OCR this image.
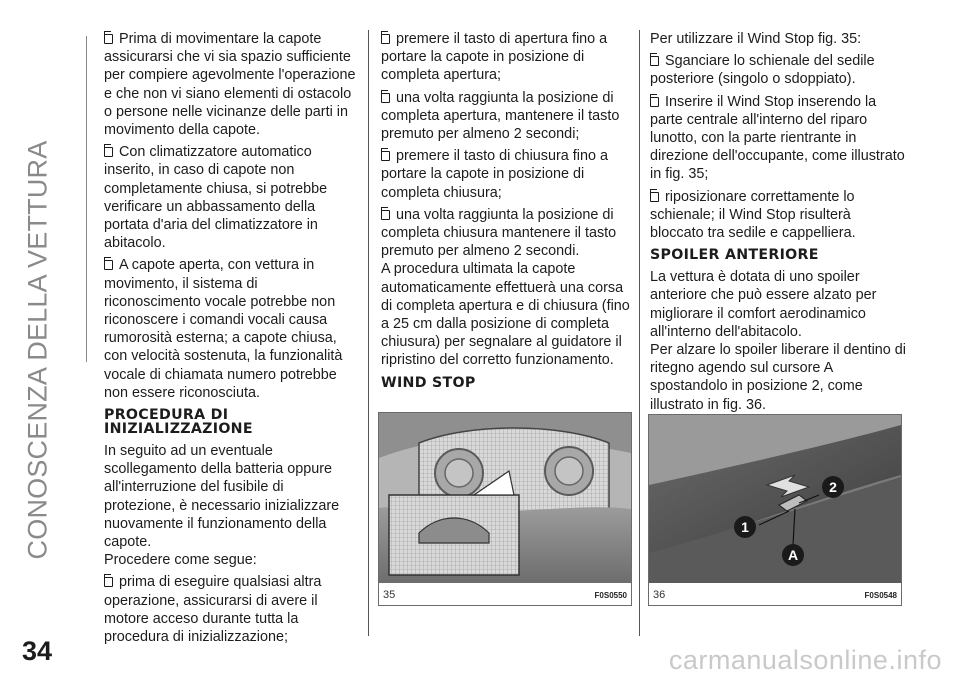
CONOSCENZA DELLA VETTURA
34

Prima di movimentare la capote assicurarsi che vi sia spazio sufficiente per compiere agevolmente l'operazione e che non vi siano elementi di ostacolo o persone nelle vicinanze delle parti in movimento della capote.

Con climatizzatore automatico inserito, in caso di capote non completamente chiusa, si potrebbe verificare un abbassamento della portata d'aria del climatizzatore in abitacolo.

A capote aperta, con vettura in movimento, il sistema di riconoscimento vocale potrebbe non riconoscere i comandi vocali causa rumorosità esterna; a capote chiusa, con velocità sostenuta, la funzionalità vocale di chiamata numero potrebbe non essere riconosciuta.

PROCEDURA DI INIZIALIZZAZIONE

In seguito ad un eventuale scollegamento della batteria oppure all'interruzione del fusibile di protezione, è necessario inizializzare nuovamente il funzionamento della capote.

Procedere come segue:

prima di eseguire qualsiasi altra operazione, assicurarsi di avere il motore acceso durante tutta la procedura di inizializzazione;

premere il tasto di apertura fino a portare la capote in posizione di completa apertura;

una volta raggiunta la posizione di completa apertura, mantenere il tasto premuto per almeno 2 secondi;

premere il tasto di chiusura fino a portare la capote in posizione di completa chiusura;

una volta raggiunta la posizione di completa chiusura mantenere il tasto premuto per almeno 2 secondi.

A procedura ultimata la capote automaticamente effettuerà una corsa di completa apertura e di chiusura (fino a 25 cm dalla posizione di completa chiusura) per segnalare al guidatore il ripristino del corretto funzionamento.

WIND STOP
35	F0S0550

Per utilizzare il Wind Stop fig. 35:

Sganciare lo schienale del sedile posteriore (singolo o sdoppiato).

Inserire il Wind Stop inserendo la parte centrale all'interno del riparo lunotto, con la parte rientrante in direzione dell'occupante, come illustrato in fig. 35;

riposizionare correttamente lo schienale; il Wind Stop risulterà bloccato tra sedile e cappelliera.

SPOILER ANTERIORE

La vettura è dotata di uno spoiler anteriore che può essere alzato per migliorare il comfort aerodinamico all'interno dell'abitacolo.

Per alzare lo spoiler liberare il dentino di ritegno agendo sul cursore A spostandolo in posizione 2, come illustrato in fig. 36.

2
1
A
36	F0S0548
carmanualsonline.info
